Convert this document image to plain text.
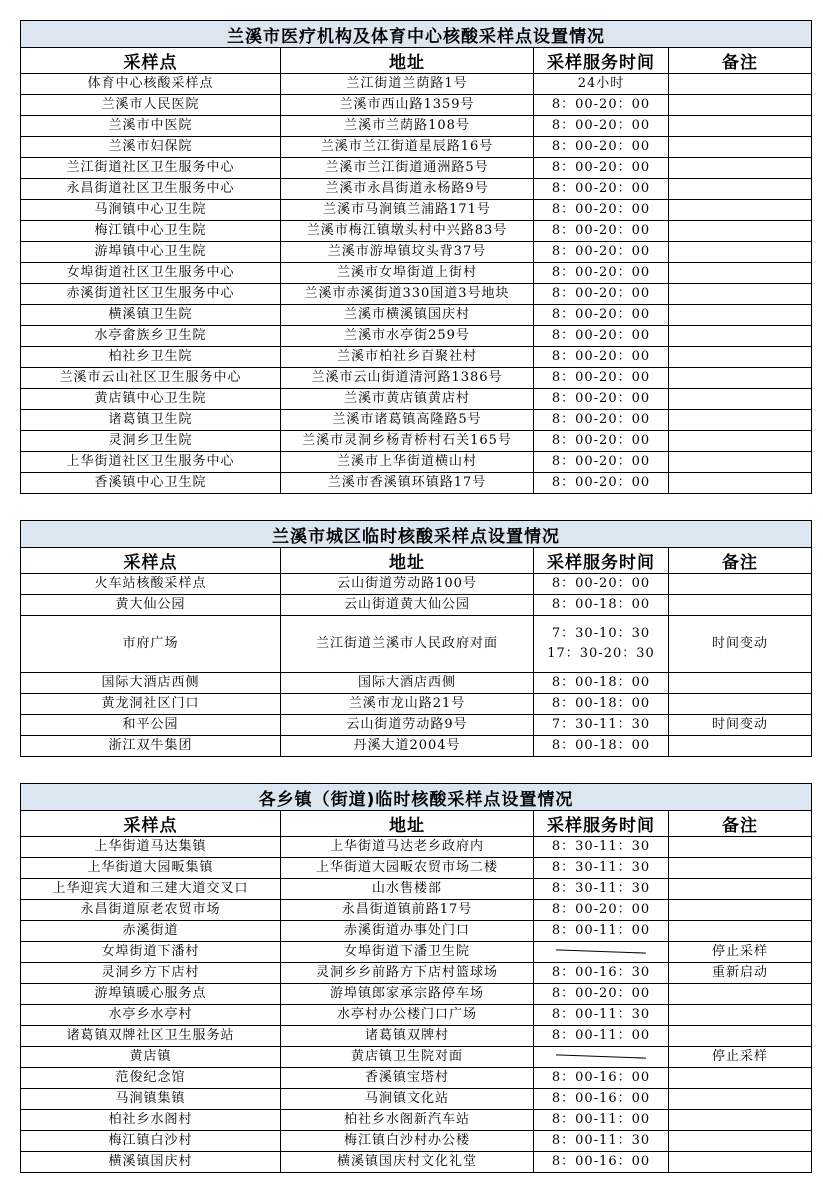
兰溪市医疗机构及体育中心核酸采样点设置情况			
采样点	地址	采样服务时间	备注
体育中心核酸采样点	兰江街道兰荫路1号	24小时	
兰溪市人民医院	兰溪市西山路1359号	8：00-20：00	
兰溪市中医院	兰溪市兰荫路108号	8：00-20：00	
兰溪市妇保院	兰溪市兰江街道星辰路16号	8：00-20：00	
兰江街道社区卫生服务中心	兰溪市兰江街道通洲路5号	8：00-20：00	
永昌街道社区卫生服务中心	兰溪市永昌街道永杨路9号	8：00-20：00	
马涧镇中心卫生院	兰溪市马涧镇兰浦路171号	8：00-20：00	
梅江镇中心卫生院	兰溪市梅江镇墩头村中兴路83号	8：00-20：00	
游埠镇中心卫生院	兰溪市游埠镇坟头背37号	8：00-20：00	
女埠街道社区卫生服务中心	兰溪市女埠街道上街村	8：00-20：00	
赤溪街道社区卫生服务中心	兰溪市赤溪街道330国道3号地块	8：00-20：00	
横溪镇卫生院	兰溪市横溪镇国庆村	8：00-20：00	
水亭畲族乡卫生院	兰溪市水亭街259号	8：00-20：00	
柏社乡卫生院	兰溪市柏社乡百聚社村	8：00-20：00	
兰溪市云山社区卫生服务中心	兰溪市云山街道清河路1386号	8：00-20：00	
黄店镇中心卫生院	兰溪市黄店镇黄店村	8：00-20：00	
诸葛镇卫生院	兰溪市诸葛镇高隆路5号	8：00-20：00	
灵洞乡卫生院	兰溪市灵洞乡杨青桥村石关165号	8：00-20：00	
上华街道社区卫生服务中心	兰溪市上华街道横山村	8：00-20：00	
香溪镇中心卫生院	兰溪市香溪镇环镇路17号	8：00-20：00	
兰溪市城区临时核酸采样点设置情况			
采样点	地址	采样服务时间	备注
火车站核酸采样点	云山街道劳动路100号	8：00-20：00	
黄大仙公园	云山街道黄大仙公园	8：00-18：00	
市府广场	兰江街道兰溪市人民政府对面	7：30-10：30
17：30-20：30	时间变动
国际大酒店西侧	国际大酒店西侧	8：00-18：00	
黄龙洞社区门口	兰溪市龙山路21号	8：00-18：00	
和平公园	云山街道劳动路9号	7：30-11：30	时间变动
浙江双牛集团	丹溪大道2004号	8：00-18：00	
各乡镇（街道)临时核酸采样点设置情况			
采样点	地址	采样服务时间	备注
上华街道马达集镇	上华街道马达老乡政府内	8：30-11：30	
上华街道大园畈集镇	上华街道大园畈农贸市场二楼	8：30-11：30	
上华迎宾大道和三建大道交叉口	山水售楼部	8：30-11：30	
永昌街道原老农贸市场	永昌街道镇前路17号	8：00-20：00	
赤溪街道	赤溪街道办事处门口	8：00-11：00	
女埠街道下潘村	女埠街道下潘卫生院		停止采样
灵洞乡方下店村	灵洞乡乡前路方下店村篮球场	8：00-16：30	重新启动
游埠镇暖心服务点	游埠镇郎家承宗路停车场	8：00-20：00	
水亭乡水亭村	水亭村办公楼门口广场	8：00-11：30	
诸葛镇双牌社区卫生服务站	诸葛镇双牌村	8：00-11：00	
黄店镇	黄店镇卫生院对面		停止采样
范俊纪念馆	香溪镇宝塔村	8：00-16：00	
马涧镇集镇	马涧镇文化站	8：00-16：00	
柏社乡水阁村	柏社乡水阁新汽车站	8：00-11：00	
梅江镇白沙村	梅江镇白沙村办公楼	8：00-11：30	
横溪镇国庆村	横溪镇国庆村文化礼堂	8：00-16：00	
